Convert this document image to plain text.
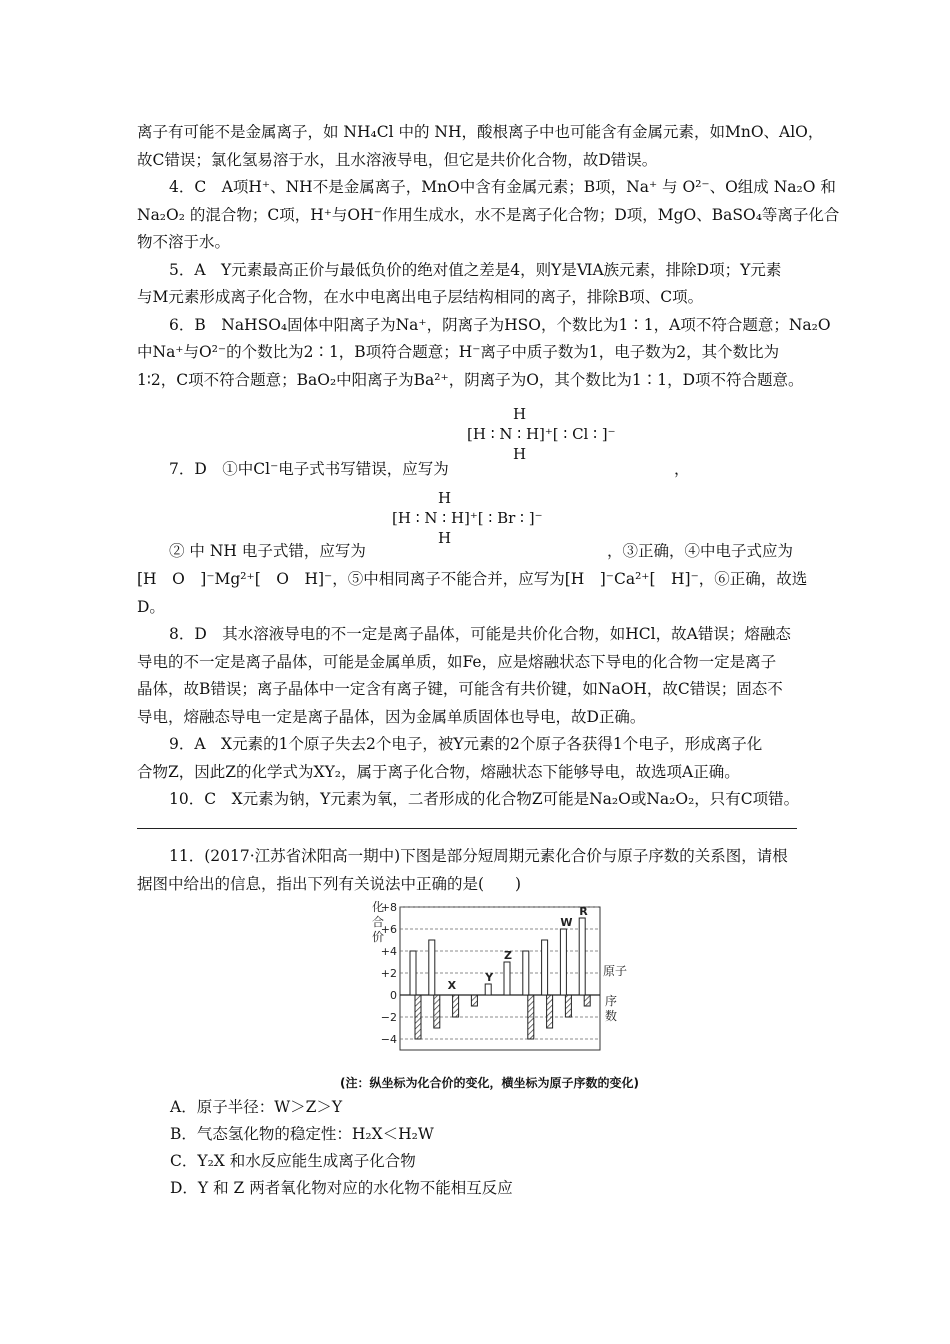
离子有可能不是金属离子，如 NH₄Cl 中的 NH，酸根离子中也可能含有金属元素，如MnO、AlO，
故C错误；氯化氢易溶于水，且水溶液导电，但它是共价化合物，故D错误。
4．C　A项H⁺、NH不是金属离子，MnO中含有金属元素；B项，Na⁺ 与 O²⁻、O组成 Na₂O 和
Na₂O₂ 的混合物；C项，H⁺与OH⁻作用生成水，水不是离子化合物；D项，MgO、BaSO₄等离子化合
物不溶于水。
5．A　Y元素最高正价与最低负价的绝对值之差是4，则Y是ⅥA族元素，排除D项；Y元素
与M元素形成离子化合物，在水中电离出电子层结构相同的离子，排除B项、C项。
6．B　NaHSO₄固体中阳离子为Na⁺，阴离子为HSO，个数比为1∶1，A项不符合题意；Na₂O
中Na⁺与O²⁻的个数比为2∶1，B项符合题意；H⁻离子中质子数为1，电子数为2，其个数比为
1∶2，C项不符合题意；BaO₂中阳离子为Ba²⁺，阴离子为O，其个数比为1∶1，D项不符合题意。
H
[H ∶ N ∶ H]⁺[ ∶ Cl ∶ ]⁻
H
7．D　①中Cl⁻电子式书写错误，应写为	，
H
[H ∶ N ∶ H]⁺[ ∶ Br ∶ ]⁻
H
② 中 NH 电子式错，应写为	，③正确，④中电子式应为
[H　O　]⁻Mg²⁺[　O　H]⁻，⑤中相同离子不能合并，应写为[H　]⁻Ca²⁺[　H]⁻，⑥正确，故选
D。
8．D　其水溶液导电的不一定是离子晶体，可能是共价化合物，如HCl，故A错误；熔融态
导电的不一定是离子晶体，可能是金属单质，如Fe，应是熔融状态下导电的化合物一定是离子
晶体，故B错误；离子晶体中一定含有离子键，可能含有共价键，如NaOH，故C错误；固态不
导电，熔融态导电一定是离子晶体，因为金属单质固体也导电，故D正确。
9．A　X元素的1个原子失去2个电子，被Y元素的2个原子各获得1个电子，形成离子化
合物Z，因此Z的化学式为XY₂，属于离子化合物，熔融状态下能够导电，故选项A正确。
10．C　X元素为钠，Y元素为氧，二者形成的化合物Z可能是Na₂O或Na₂O₂，只有C项错。
11．(2017·江苏省沭阳高一期中)下图是部分短周期元素化合价与原子序数的关系图，请根
据图中给出的信息，指出下列有关说法中正确的是(　　)
+8
+6
+4
+2
0
−2
−4
化
合
价
原子
序
数
X
Y
Z
W
R
(注：纵坐标为化合价的变化，横坐标为原子序数的变化)
A．原子半径：W＞Z＞Y
B．气态氢化物的稳定性：H₂X＜H₂W
C．Y₂X 和水反应能生成离子化合物
D．Y 和 Z 两者氧化物对应的水化物不能相互反应
